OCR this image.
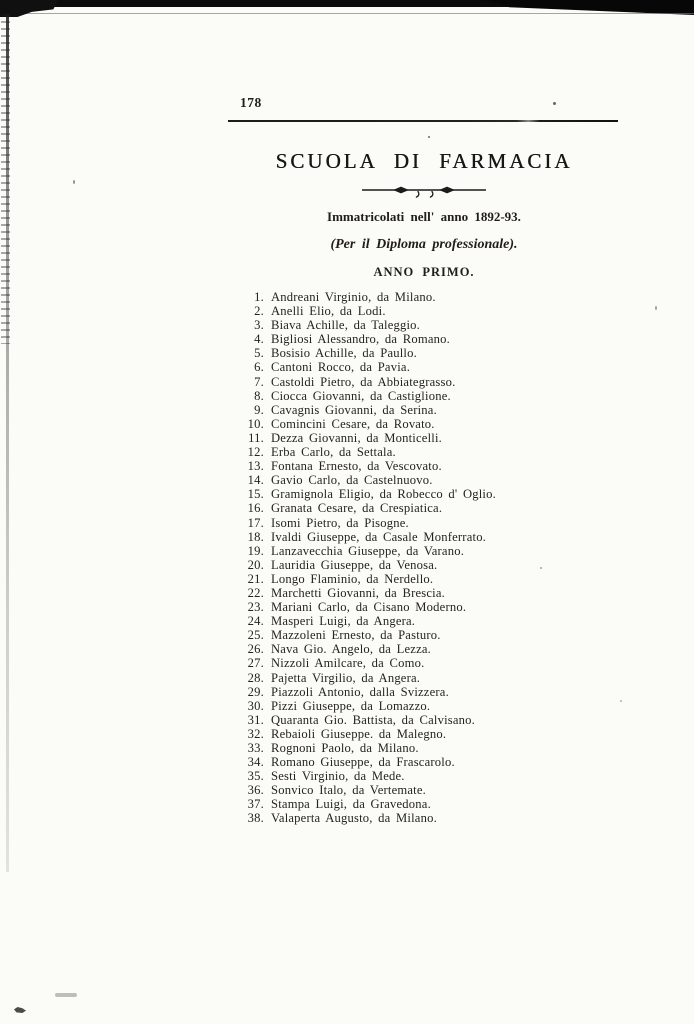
178
SCUOLA DI FARMACIA
Immatricolati nell' anno 1892-93.
(Per il Diploma professionale).
ANNO PRIMO.
1. Andreani Virginio, da Milano.
2. Anelli Elio, da Lodi.
3. Biava Achille, da Taleggio.
4. Bigliosi Alessandro, da Romano.
5. Bosisio Achille, da Paullo.
6. Cantoni Rocco, da Pavia.
7. Castoldi Pietro, da Abbiategrasso.
8. Ciocca Giovanni, da Castiglione.
9. Cavagnis Giovanni, da Serina.
10. Comincini Cesare, da Rovato.
11. Dezza Giovanni, da Monticelli.
12. Erba Carlo, da Settala.
13. Fontana Ernesto, da Vescovato.
14. Gavio Carlo, da Castelnuovo.
15. Gramignola Eligio, da Robecco d' Oglio.
16. Granata Cesare, da Crespiatica.
17. Isomi Pietro, da Pisogne.
18. Ivaldi Giuseppe, da Casale Monferrato.
19. Lanzavecchia Giuseppe, da Varano.
20. Lauridia Giuseppe, da Venosa.
21. Longo Flaminio, da Nerdello.
22. Marchetti Giovanni, da Brescia.
23. Mariani Carlo, da Cisano Moderno.
24. Masperi Luigi, da Angera.
25. Mazzoleni Ernesto, da Pasturo.
26. Nava Gio. Angelo, da Lezza.
27. Nizzoli Amilcare, da Como.
28. Pajetta Virgilio, da Angera.
29. Piazzoli Antonio, dalla Svizzera.
30. Pizzi Giuseppe, da Lomazzo.
31. Quaranta Gio. Battista, da Calvisano.
32. Rebaioli Giuseppe. da Malegno.
33. Rognoni Paolo, da Milano.
34. Romano Giuseppe, da Frascarolo.
35. Sesti Virginio, da Mede.
36. Sonvico Italo, da Vertemate.
37. Stampa Luigi, da Gravedona.
38. Valaperta Augusto, da Milano.
